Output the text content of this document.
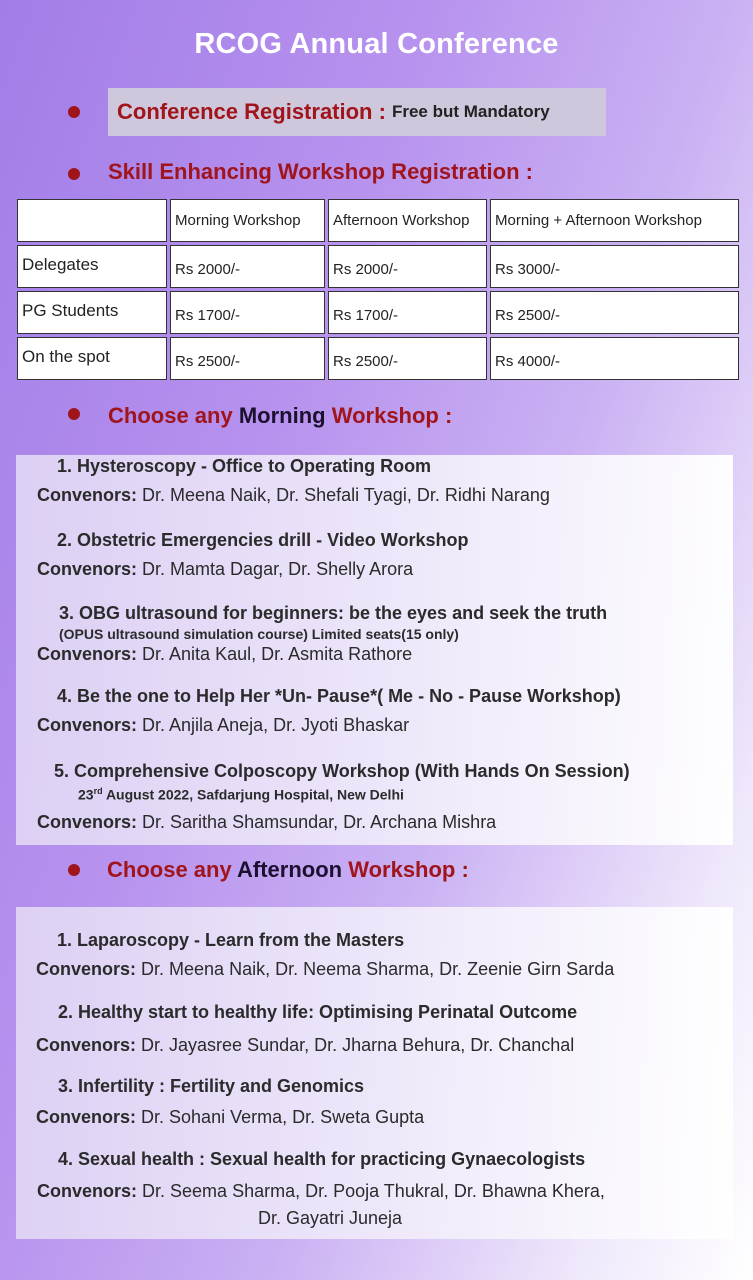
RCOG Annual Conference
Conference Registration : Free but Mandatory
Skill Enhancing Workshop Registration :
	Morning Workshop	Afternoon Workshop	Morning + Afternoon Workshop
Delegates	Rs 2000/-	Rs 2000/-	Rs 3000/-
PG Students	Rs 1700/-	Rs 1700/-	Rs 2500/-
On the spot	Rs 2500/-	Rs 2500/-	Rs 4000/-
Choose any Morning Workshop :
1. Hysteroscopy - Office to Operating Room
Convenors: Dr. Meena Naik, Dr. Shefali Tyagi, Dr. Ridhi Narang
2. Obstetric Emergencies drill - Video Workshop
Convenors: Dr. Mamta Dagar, Dr. Shelly Arora
3. OBG ultrasound for beginners: be the eyes and seek the truth
(OPUS ultrasound simulation course) Limited seats(15 only)
Convenors: Dr. Anita Kaul, Dr. Asmita Rathore
4. Be the one to Help Her *Un- Pause*( Me - No - Pause Workshop)
Convenors: Dr. Anjila Aneja, Dr. Jyoti Bhaskar
5. Comprehensive Colposcopy Workshop (With Hands On Session)
23rd August 2022, Safdarjung Hospital, New Delhi
Convenors: Dr. Saritha Shamsundar, Dr. Archana Mishra
Choose any Afternoon Workshop :
1. Laparoscopy - Learn from the Masters
Convenors: Dr. Meena Naik, Dr. Neema Sharma, Dr. Zeenie Girn Sarda
2. Healthy start to healthy life: Optimising Perinatal Outcome
Convenors: Dr. Jayasree Sundar, Dr. Jharna Behura, Dr. Chanchal
3. Infertility : Fertility and Genomics
Convenors: Dr. Sohani Verma, Dr. Sweta Gupta
4. Sexual health : Sexual health for practicing Gynaecologists
Convenors: Dr. Seema Sharma, Dr. Pooja Thukral, Dr. Bhawna Khera,
Dr. Gayatri Juneja
